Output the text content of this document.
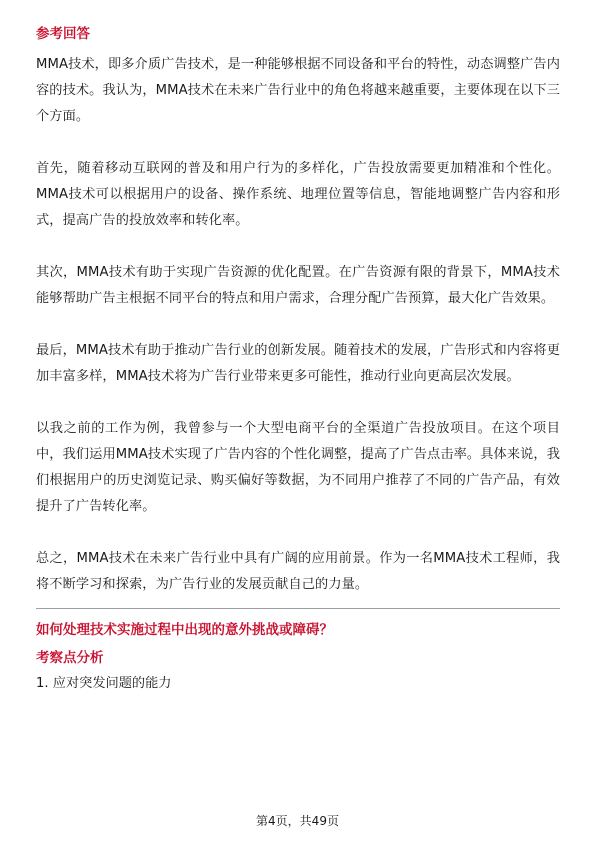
参考回答

MMA技术，即多介质广告技术，是一种能够根据不同设备和平台的特性，动态调整广告内容的技术。我认为，MMA技术在未来广告行业中的角色将越来越重要，主要体现在以下三个方面。

首先，随着移动互联网的普及和用户行为的多样化，广告投放需要更加精准和个性化。MMA技术可以根据用户的设备、操作系统、地理位置等信息，智能地调整广告内容和形式，提高广告的投放效率和转化率。

其次，MMA技术有助于实现广告资源的优化配置。在广告资源有限的背景下，MMA技术能够帮助广告主根据不同平台的特点和用户需求，合理分配广告预算，最大化广告效果。

最后，MMA技术有助于推动广告行业的创新发展。随着技术的发展，广告形式和内容将更加丰富多样，MMA技术将为广告行业带来更多可能性，推动行业向更高层次发展。

以我之前的工作为例，我曾参与一个大型电商平台的全渠道广告投放项目。在这个项目中，我们运用MMA技术实现了广告内容的个性化调整，提高了广告点击率。具体来说，我们根据用户的历史浏览记录、购买偏好等数据，为不同用户推荐了不同的广告产品，有效提升了广告转化率。

总之，MMA技术在未来广告行业中具有广阔的应用前景。作为一名MMA技术工程师，我将不断学习和探索，为广告行业的发展贡献自己的力量。

如何处理技术实施过程中出现的意外挑战或障碍？
考察点分析

1. 应对突发问题的能力

第4页，共49页
